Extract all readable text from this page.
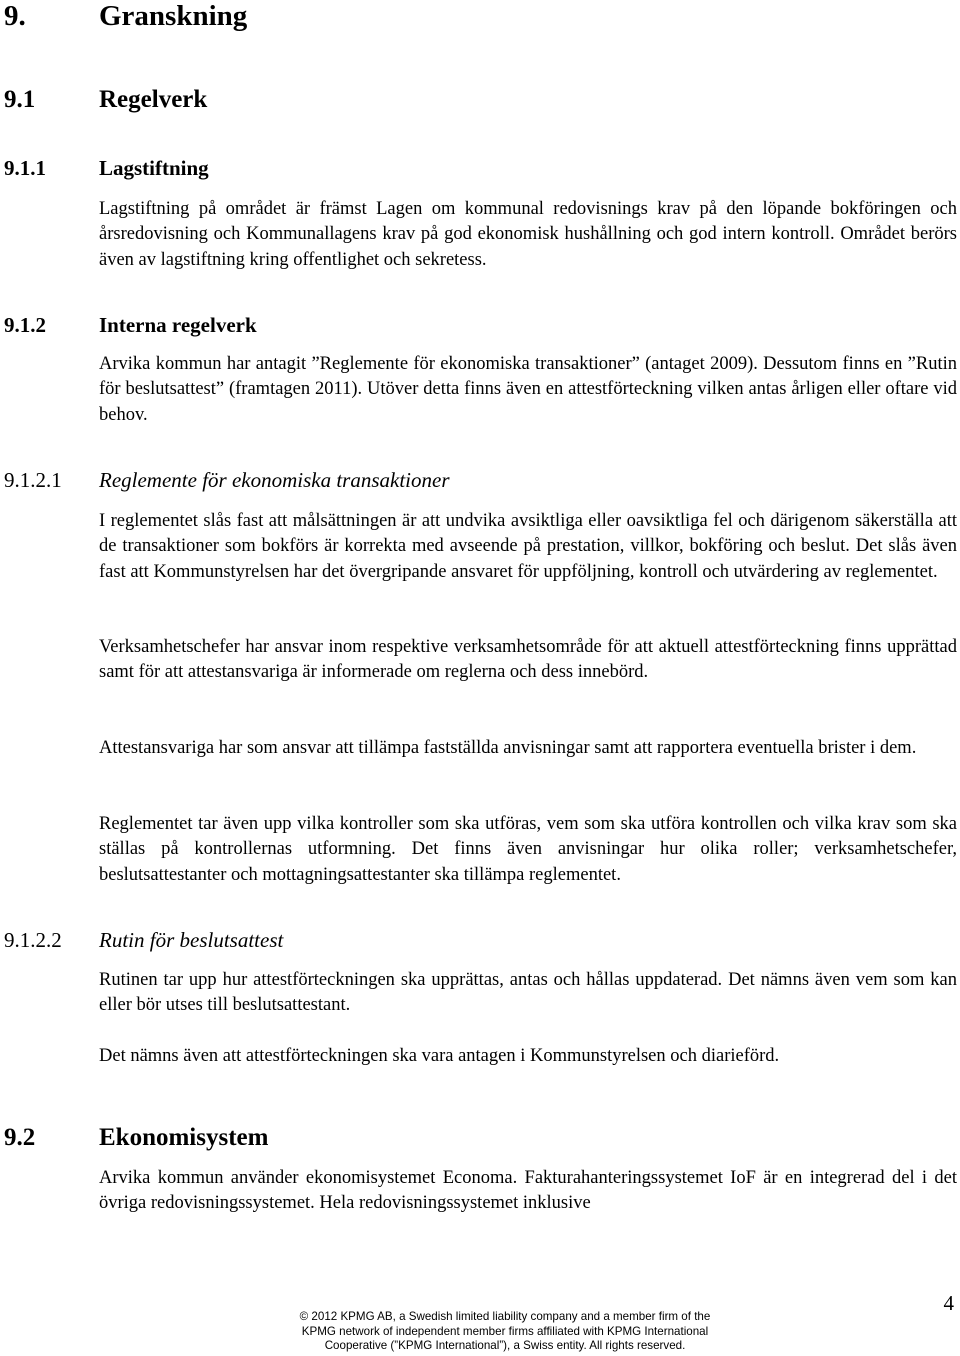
9.	Granskning
9.1	Regelverk
9.1.1	Lagstiftning

Lagstiftning på området är främst Lagen om kommunal redovisnings krav på den löpande bokföringen och årsredovisning och Kommunallagens krav på god ekonomisk hushållning och god intern kontroll. Området berörs även av lagstiftning kring offentlighet och sekretess.

9.1.2	Interna regelverk

Arvika kommun har antagit ”Reglemente för ekonomiska transaktioner” (antaget 2009). Dessutom finns en ”Rutin för beslutsattest” (framtagen 2011). Utöver detta finns även en attestförteckning vilken antas årligen eller oftare vid behov.

9.1.2.1 Reglemente för ekonomiska transaktioner

I reglementet slås fast att målsättningen är att undvika avsiktliga eller oavsiktliga fel och därigenom säkerställa att de transaktioner som bokförs är korrekta med avseende på prestation, villkor, bokföring och beslut. Det slås även fast att Kommunstyrelsen har det övergripande ansvaret för uppföljning, kontroll och utvärdering av reglementet.

Verksamhetschefer har ansvar inom respektive verksamhetsområde för att aktuell attestförteckning finns upprättad samt för att attestansvariga är informerade om reglerna och dess innebörd.

Attestansvariga har som ansvar att tillämpa fastställda anvisningar samt att rapportera eventuella brister i dem.

Reglementet tar även upp vilka kontroller som ska utföras, vem som ska utföra kontrollen och vilka krav som ska ställas på kontrollernas utformning. Det finns även anvisningar hur olika roller; verksamhetschefer, beslutsattestanter och mottagningsattestanter ska tillämpa reglementet.

9.1.2.2 Rutin för beslutsattest

Rutinen tar upp hur attestförteckningen ska upprättas, antas och hållas uppdaterad. Det nämns även vem som kan eller bör utses till beslutsattestant.

Det nämns även att attestförteckningen ska vara antagen i Kommunstyrelsen och diarieförd.

9.2	Ekonomisystem

Arvika kommun använder ekonomisystemet Economa. Fakturahanteringssystemet IoF är en integrerad del i det övriga redovisningssystemet. Hela redovisningssystemet inklusive

4
© 2012 KPMG AB, a Swedish limited liability company and a member firm of the
KPMG network of independent member firms affiliated with KPMG International
Cooperative (”KPMG International”), a Swiss entity. All rights reserved.
